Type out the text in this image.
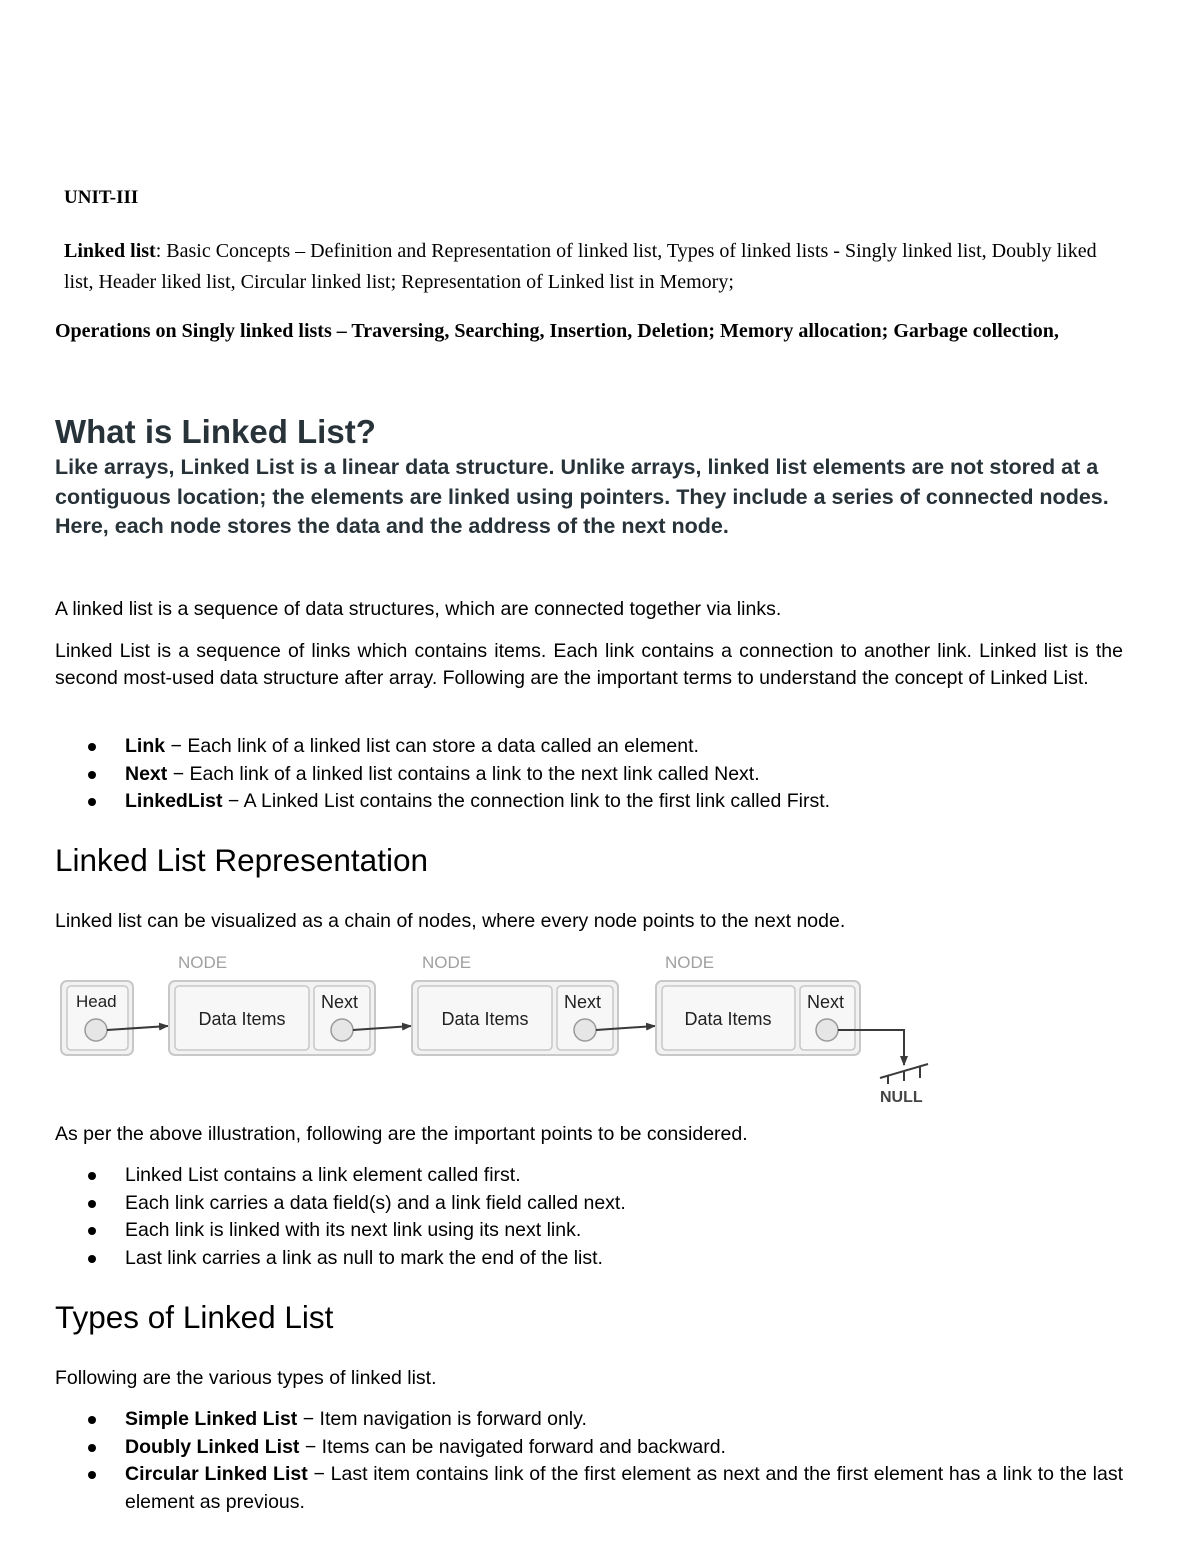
UNIT-III
Linked list: Basic Concepts – Definition and Representation of linked list, Types of linked lists - Singly linked list, Doubly liked list, Header liked list, Circular linked list; Representation of Linked list in Memory;
Operations on Singly linked lists – Traversing, Searching, Insertion, Deletion; Memory allocation; Garbage collection,
What is Linked List?
Like arrays, Linked List is a linear data structure. Unlike arrays, linked list elements are not stored at a contiguous location; the elements are linked using pointers. They include a series of connected nodes. Here, each node stores the data and the address of the next node.
A linked list is a sequence of data structures, which are connected together via links.
Linked List is a sequence of links which contains items. Each link contains a connection to another link. Linked list is the second most-used data structure after array. Following are the important terms to understand the concept of Linked List.
Link − Each link of a linked list can store a data called an element.
Next − Each link of a linked list contains a link to the next link called Next.
LinkedList − A Linked List contains the connection link to the first link called First.
Linked List Representation
Linked list can be visualized as a chain of nodes, where every node points to the next node.
Head
NODE
Data Items
Next
NODE
Data Items
Next
NODE
Data Items
Next
NULL
As per the above illustration, following are the important points to be considered.
Linked List contains a link element called first.
Each link carries a data field(s) and a link field called next.
Each link is linked with its next link using its next link.
Last link carries a link as null to mark the end of the list.
Types of Linked List
Following are the various types of linked list.
Simple Linked List − Item navigation is forward only.
Doubly Linked List − Items can be navigated forward and backward.
Circular Linked List − Last item contains link of the first element as next and the first element has a link to the last element as previous.
